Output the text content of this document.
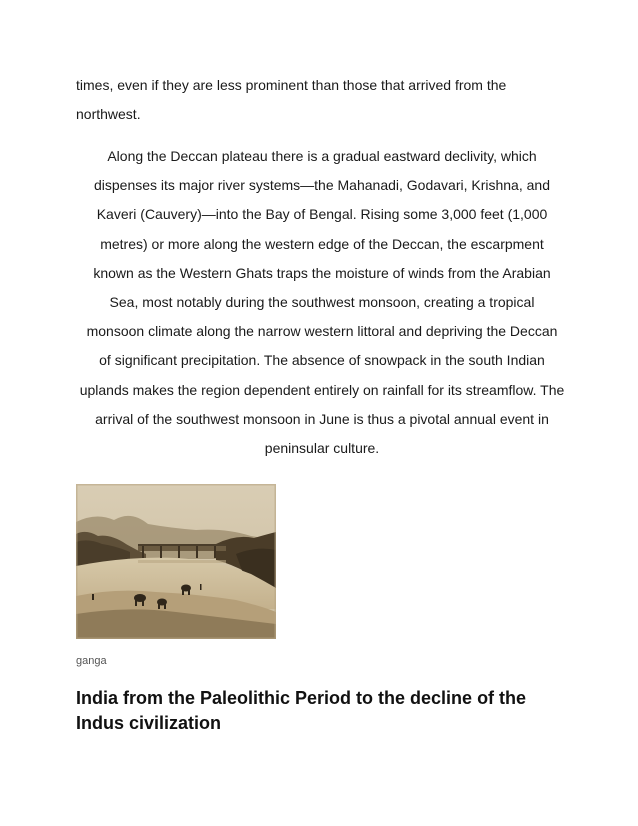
times, even if they are less prominent than those that arrived from the
northwest.

Along the Deccan plateau there is a gradual eastward declivity, which
dispenses its major river systems—the Mahanadi, Godavari, Krishna, and
Kaveri (Cauvery)—into the Bay of Bengal. Rising some 3,000 feet (1,000
metres) or more along the western edge of the Deccan, the escarpment
known as the Western Ghats traps the moisture of winds from the Arabian
Sea, most notably during the southwest monsoon, creating a tropical
monsoon climate along the narrow western littoral and depriving the Deccan
of significant precipitation. The absence of snowpack in the south Indian
uplands makes the region dependent entirely on rainfall for its streamflow. The
arrival of the southwest monsoon in June is thus a pivotal annual event in
peninsular culture.

ganga

India from the Paleolithic Period to the decline of the
Indus civilization
